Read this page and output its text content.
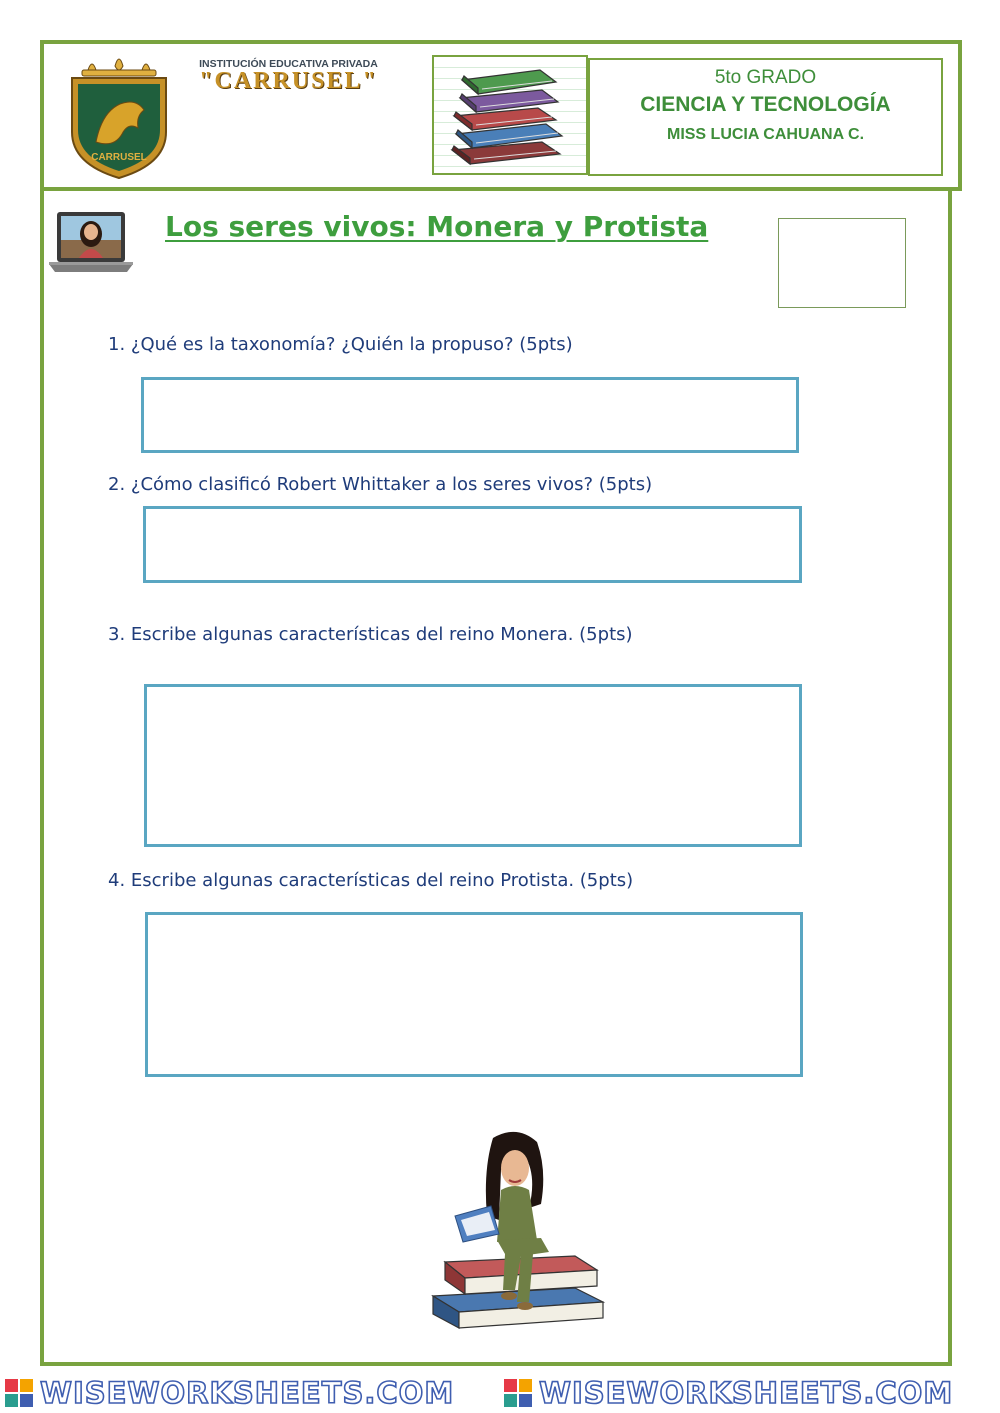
CARRUSEL
INSTITUCIÓN EDUCATIVA PRIVADA
"CARRUSEL"	5to GRADO
CIENCIA Y TECNOLOGÍA
MISS LUCIA CAHUANA C.
Los seres vivos: Monera y Protista
1. ¿Qué es la taxonomía? ¿Quién la propuso? (5pts)
2. ¿Cómo clasificó Robert Whittaker a los seres vivos? (5pts)
3. Escribe algunas características del reino Monera. (5pts)
4. Escribe algunas características del reino Protista. (5pts)
WISEWORKSHEETS.COM	WISEWORKSHEETS.COM
